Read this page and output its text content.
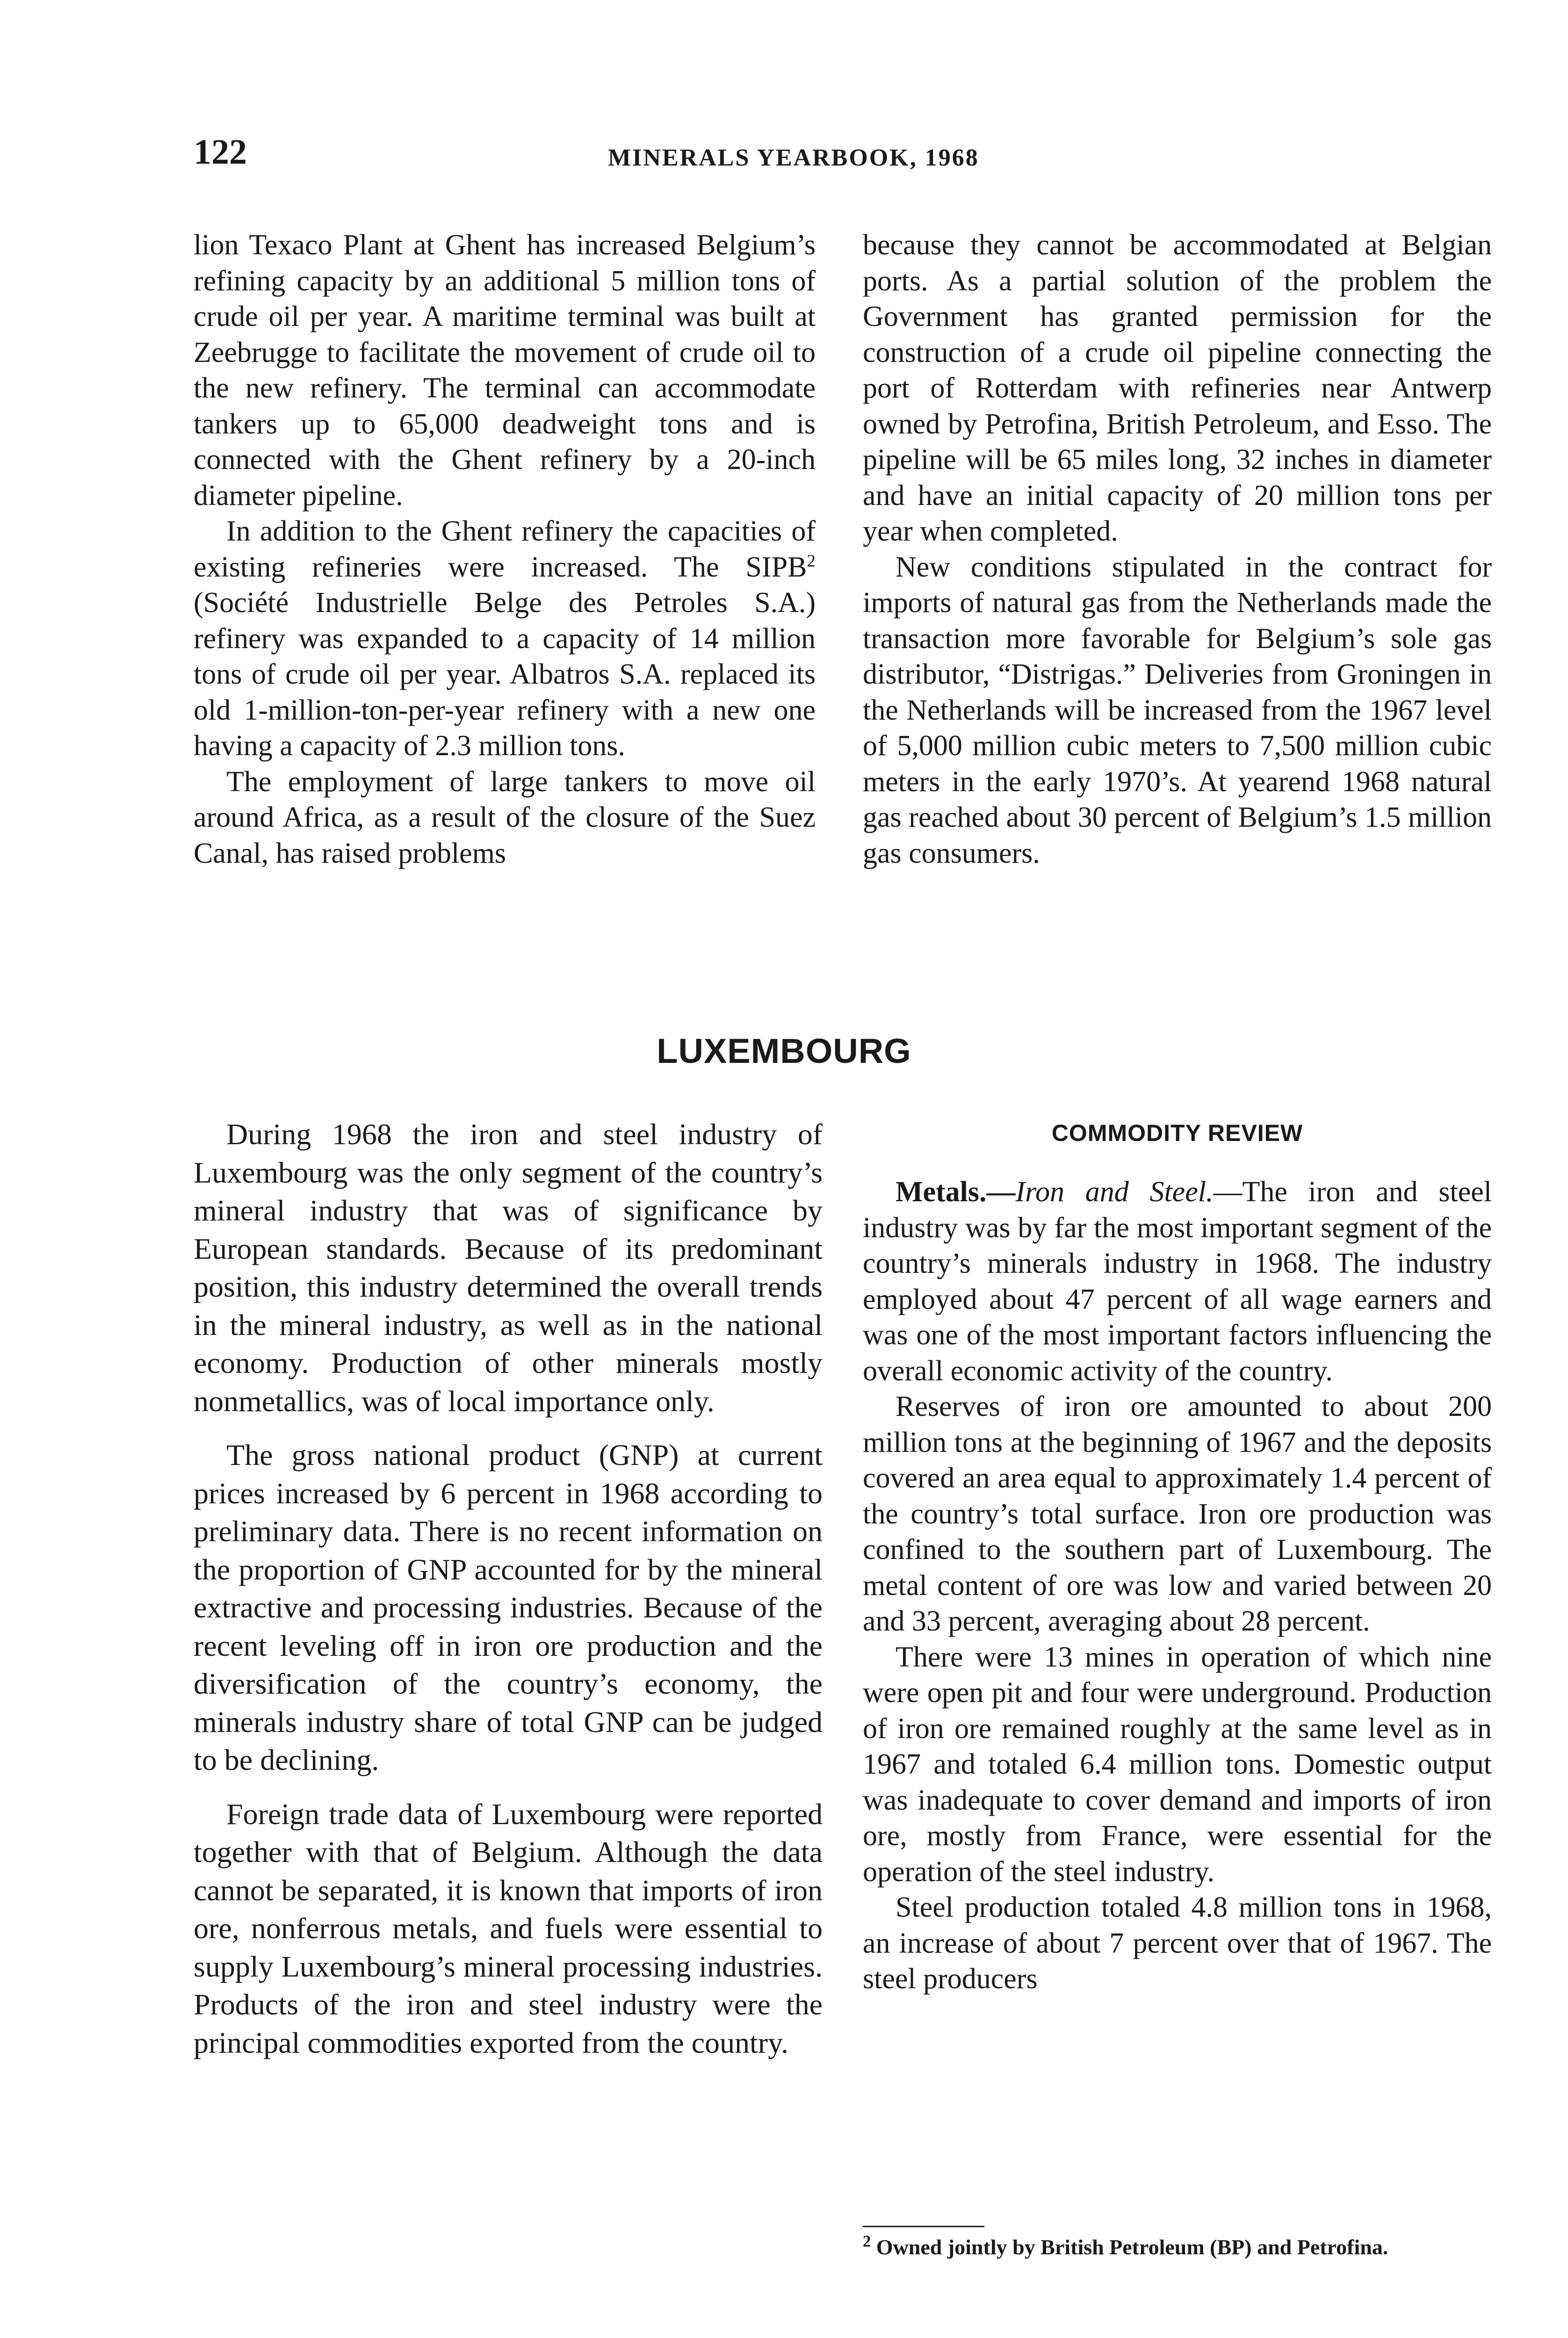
122	MINERALS YEARBOOK, 1968

lion Texaco Plant at Ghent has increased Belgium’s refining capacity by an additional 5 million tons of crude oil per year. A maritime terminal was built at Zeebrugge to facilitate the movement of crude oil to the new refinery. The terminal can accommodate tankers up to 65,000 deadweight tons and is connected with the Ghent refinery by a 20-inch diameter pipeline.

In addition to the Ghent refinery the capacities of existing refineries were increased. The SIPB$^2$ (Société Industrielle Belge des Petroles S.A.) refinery was expanded to a capacity of 14 million tons of crude oil per year. Albatros S.A. replaced its old 1-million-ton-per-year refinery with a new one having a capacity of 2.3 million tons.

The employment of large tankers to move oil around Africa, as a result of the closure of the Suez Canal, has raised problems

because they cannot be accommodated at Belgian ports. As a partial solution of the problem the Government has granted permission for the construction of a crude oil pipeline connecting the port of Rotterdam with refineries near Antwerp owned by Petrofina, British Petroleum, and Esso. The pipeline will be 65 miles long, 32 inches in diameter and have an initial capacity of 20 million tons per year when completed.

New conditions stipulated in the contract for imports of natural gas from the Netherlands made the transaction more favorable for Belgium’s sole gas distributor, “Distrigas.” Deliveries from Groningen in the Netherlands will be increased from the 1967 level of 5,000 million cubic meters to 7,500 million cubic meters in the early 1970’s. At yearend 1968 natural gas reached about 30 percent of Belgium’s 1.5 million gas consumers.

LUXEMBOURG

During 1968 the iron and steel industry of Luxembourg was the only segment of the country’s mineral industry that was of significance by European standards. Because of its predominant position, this industry determined the overall trends in the mineral industry, as well as in the national economy. Production of other minerals mostly nonmetallics, was of local importance only.

The gross national product (GNP) at current prices increased by 6 percent in 1968 according to preliminary data. There is no recent information on the proportion of GNP accounted for by the mineral extractive and processing industries. Because of the recent leveling off in iron ore production and the diversification of the country’s economy, the minerals industry share of total GNP can be judged to be declining.

Foreign trade data of Luxembourg were reported together with that of Belgium. Although the data cannot be separated, it is known that imports of iron ore, nonferrous metals, and fuels were essential to supply Luxembourg’s mineral processing industries. Products of the iron and steel industry were the principal commodities exported from the country.

COMMODITY REVIEW

Metals.—Iron and Steel.—The iron and steel industry was by far the most important segment of the country’s minerals industry in 1968. The industry employed about 47 percent of all wage earners and was one of the most important factors influencing the overall economic activity of the country.

Reserves of iron ore amounted to about 200 million tons at the beginning of 1967 and the deposits covered an area equal to approximately 1.4 percent of the country’s total surface. Iron ore production was confined to the southern part of Luxembourg. The metal content of ore was low and varied between 20 and 33 percent, averaging about 28 percent.

There were 13 mines in operation of which nine were open pit and four were underground. Production of iron ore remained roughly at the same level as in 1967 and totaled 6.4 million tons. Domestic output was inadequate to cover demand and imports of iron ore, mostly from France, were essential for the operation of the steel industry.

Steel production totaled 4.8 million tons in 1968, an increase of about 7 percent over that of 1967. The steel producers

$^2$ Owned jointly by British Petroleum (BP) and Petrofina.
